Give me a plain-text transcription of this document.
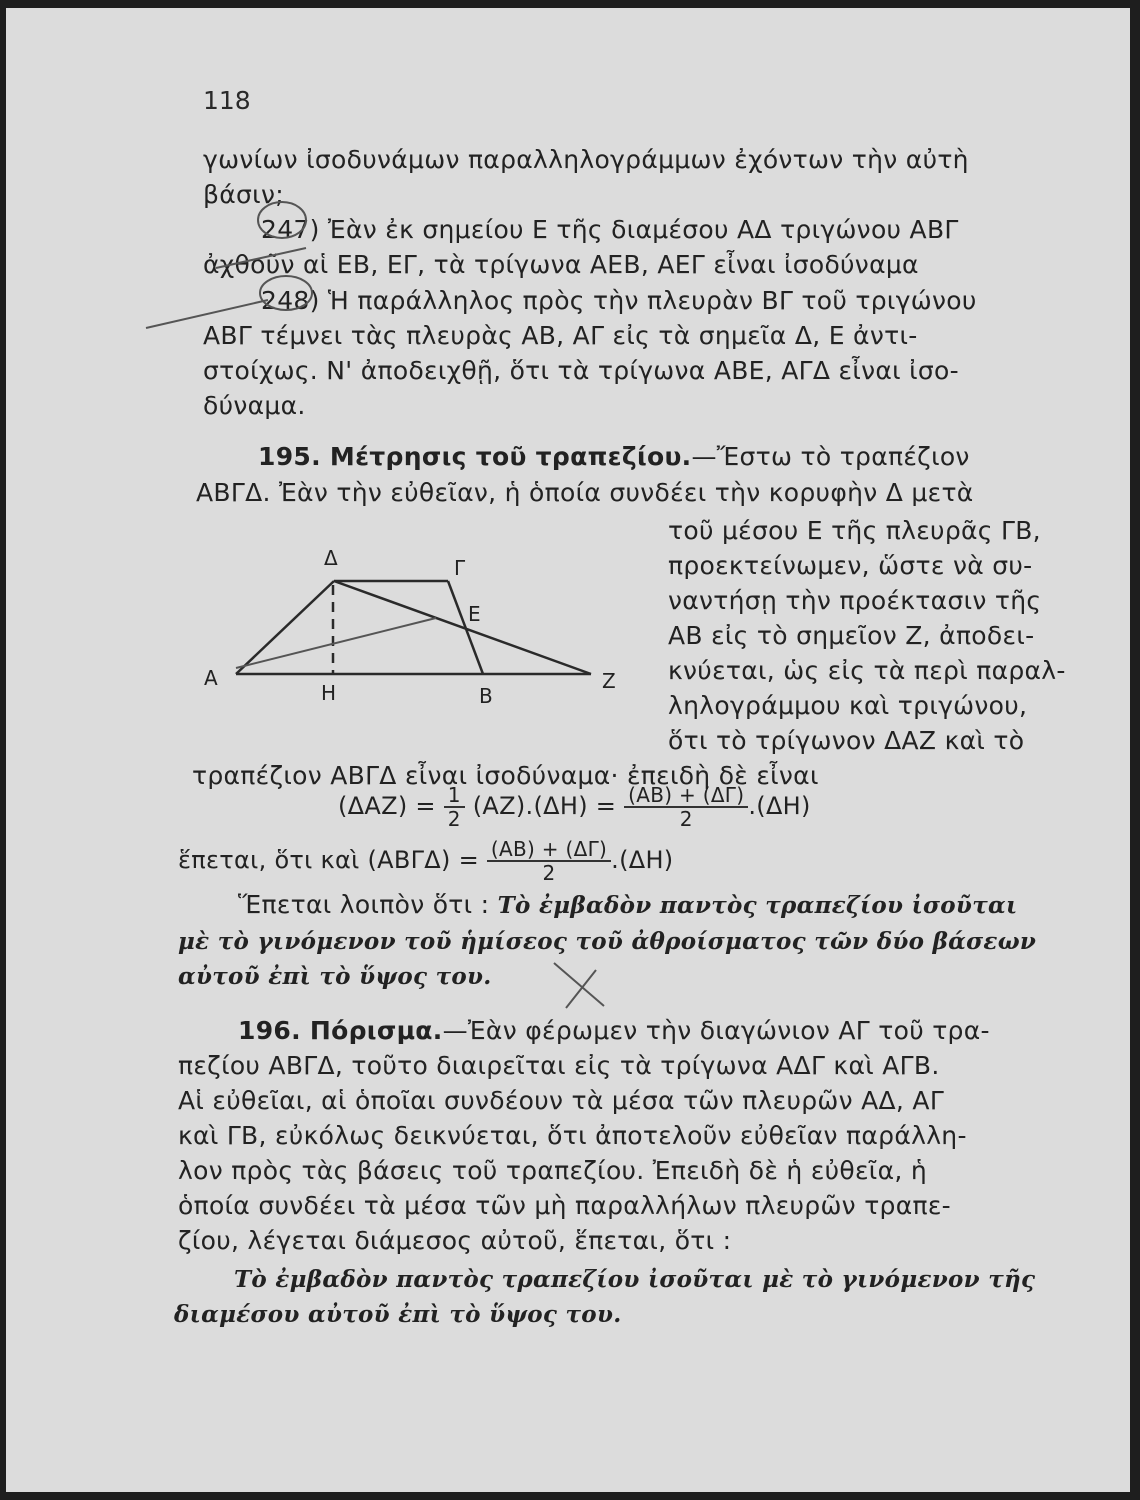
118
γωνίων ἰσοδυνάμων παραλληλογράμμων ἐχόντων τὴν αὐτὴ
βάσιν;
247) Ἐὰν ἐκ σημείου Ε τῆς διαμέσου ΑΔ τριγώνου ΑΒΓ
ἀχθοῦν αἱ ΕΒ, ΕΓ, τὰ τρίγωνα ΑΕΒ, ΑΕΓ εἶναι ἰσοδύναμα
248) Ἡ παράλληλος πρὸς τὴν πλευρὰν ΒΓ τοῦ τριγώνου
ΑΒΓ τέμνει τὰς πλευρὰς ΑΒ, ΑΓ εἰς τὰ σημεῖα Δ, Ε ἀντι-
στοίχως. Ν' ἀποδειχθῇ, ὅτι τὰ τρίγωνα ΑΒΕ, ΑΓΔ εἶναι ἰσο-
δύναμα.
195. Μέτρησις τοῦ τραπεζίου.—Ἔστω τὸ τραπέζιον
ΑΒΓΔ. Ἐὰν τὴν εὐθεῖαν, ἡ ὁποία συνδέει τὴν κορυφὴν Δ μετὰ
τοῦ μέσου Ε τῆς πλευρᾶς ΓΒ,
προεκτείνωμεν, ὥστε νὰ συ-
ναντήσῃ τὴν προέκτασιν τῆς
ΑΒ εἰς τὸ σημεῖον Ζ, ἀποδει-
κνύεται, ὡς εἰς τὰ περὶ παραλ-
ληλογράμμου καὶ τριγώνου,
ὅτι τὸ τρίγωνον ΔΑΖ καὶ τὸ
τραπέζιον ΑΒΓΔ εἶναι ἰσοδύναμα· ἐπειδὴ δὲ εἶναι
Δ	Γ
Ε
Α
Η	Β
Ζ
$(\Delta AZ) = \frac{1}{2} (AZ).(\Delta H) = \frac{(AB) + (\Delta\Gamma)}{2} .(\Delta H)$
ἕπεται, ὅτι καὶ $(AB\Gamma\Delta) = \frac{(AB) + (\Delta\Gamma)}{2} .(\Delta H)$
Ἕπεται λοιπὸν ὅτι : Τὸ ἐμβαδὸν παντὸς τραπεζίου ἰσοῦται
μὲ τὸ γινόμενον τοῦ ἡμίσεος τοῦ ἀθροίσματος τῶν δύο βάσεων
αὐτοῦ ἐπὶ τὸ ὕψος του.
196. Πόρισμα.—Ἐὰν φέρωμεν τὴν διαγώνιον ΑΓ τοῦ τρα-
πεζίου ΑΒΓΔ, τοῦτο διαιρεῖται εἰς τὰ τρίγωνα ΑΔΓ καὶ ΑΓΒ.
Αἱ εὐθεῖαι, αἱ ὁποῖαι συνδέουν τὰ μέσα τῶν πλευρῶν ΑΔ, ΑΓ
καὶ ΓΒ, εὐκόλως δεικνύεται, ὅτι ἀποτελοῦν εὐθεῖαν παράλλη-
λον πρὸς τὰς βάσεις τοῦ τραπεζίου. Ἐπειδὴ δὲ ἡ εὐθεῖα, ἡ
ὁποία συνδέει τὰ μέσα τῶν μὴ παραλλήλων πλευρῶν τραπε-
ζίου, λέγεται διάμεσος αὐτοῦ, ἕπεται, ὅτι :
Τὸ ἐμβαδὸν παντὸς τραπεζίου ἰσοῦται μὲ τὸ γινόμενον τῆς
διαμέσου αὐτοῦ ἐπὶ τὸ ὕψος του.
